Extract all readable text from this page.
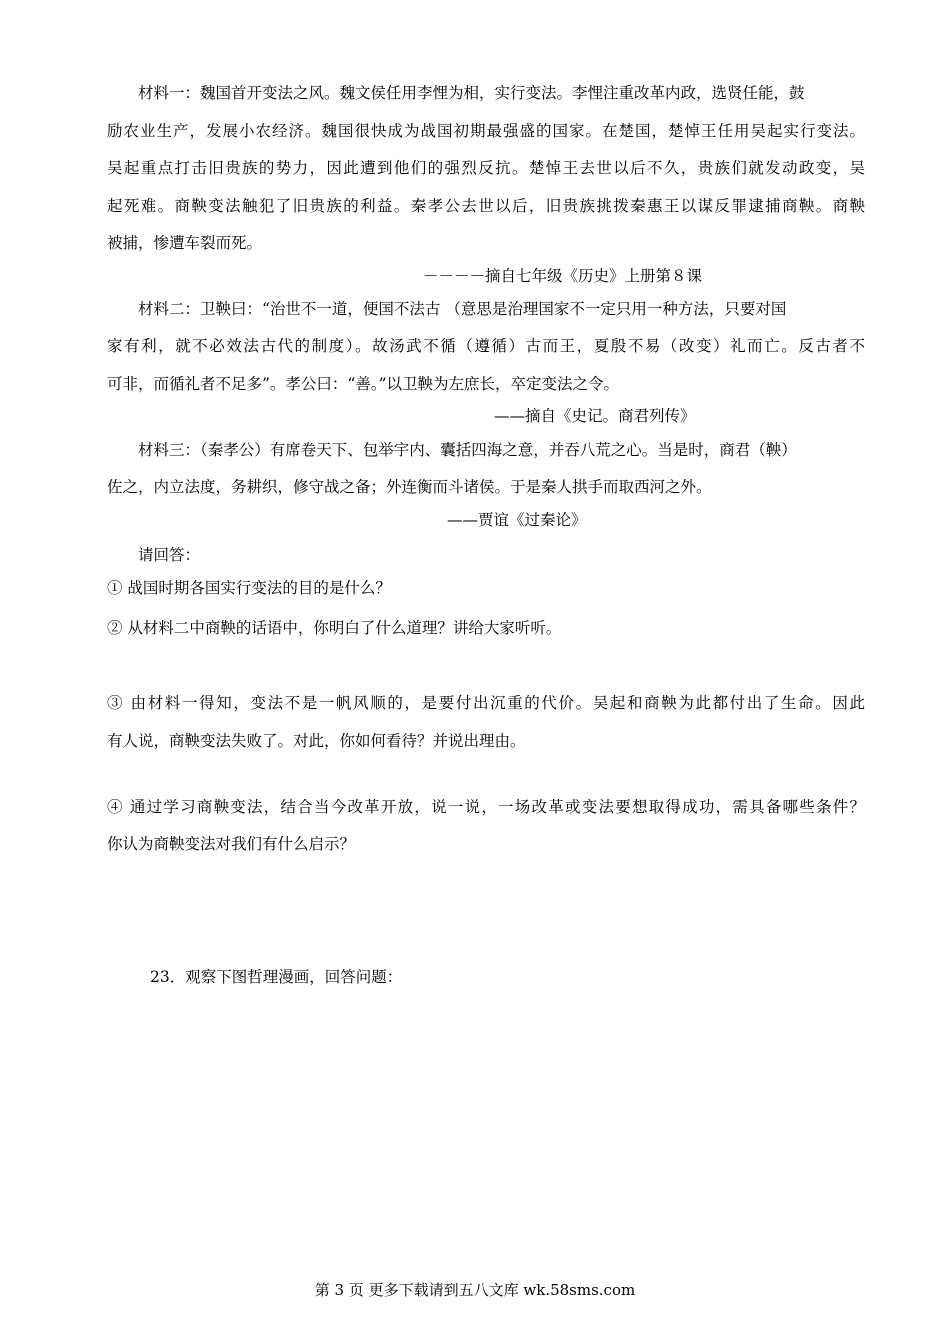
材料一：魏国首开变法之风。魏文侯任用李悝为相，实行变法。李悝注重改革内政，选贤任能，鼓
励农业生产，发展小农经济。魏国很快成为战国初期最强盛的国家。在楚国，楚悼王任用吴起实行变法。
吴起重点打击旧贵族的势力，因此遭到他们的强烈反抗。楚悼王去世以后不久，贵族们就发动政变，吴
起死难。商鞅变法触犯了旧贵族的利益。秦孝公去世以后，旧贵族挑拨秦惠王以谋反罪逮捕商鞅。商鞅
被捕，惨遭车裂而死。
－－－－摘自七年级《历史》上册第８课
材料二：卫鞅曰：“治世不一道，便国不法古 （意思是治理国家不一定只用一种方法，只要对国
家有利，就不必效法古代的制度）。故汤武不循（遵循）古而王，夏殷不易（改变）礼而亡。反古者不
可非，而循礼者不足多”。孝公曰：“善。”以卫鞅为左庶长，卒定变法之令。
——摘自《史记。商君列传》
材料三：（秦孝公）有席卷天下、包举宇内、囊括四海之意，并吞八荒之心。当是时，商君（鞅）
佐之，内立法度，务耕织，修守战之备；外连衡而斗诸侯。于是秦人拱手而取西河之外。
——贾谊《过秦论》
请回答：
① 战国时期各国实行变法的目的是什么？
② 从材料二中商鞅的话语中，你明白了什么道理？讲给大家听听。
③ 由材料一得知，变法不是一帆风顺的，是要付出沉重的代价。吴起和商鞅为此都付出了生命。因此
有人说，商鞅变法失败了。对此，你如何看待？并说出理由。
④ 通过学习商鞅变法，结合当今改革开放，说一说，一场改革或变法要想取得成功，需具备哪些条件？
你认为商鞅变法对我们有什么启示？
23．观察下图哲理漫画，回答问题：
第 3 页 更多下载请到五八文库 wk.58sms.com
